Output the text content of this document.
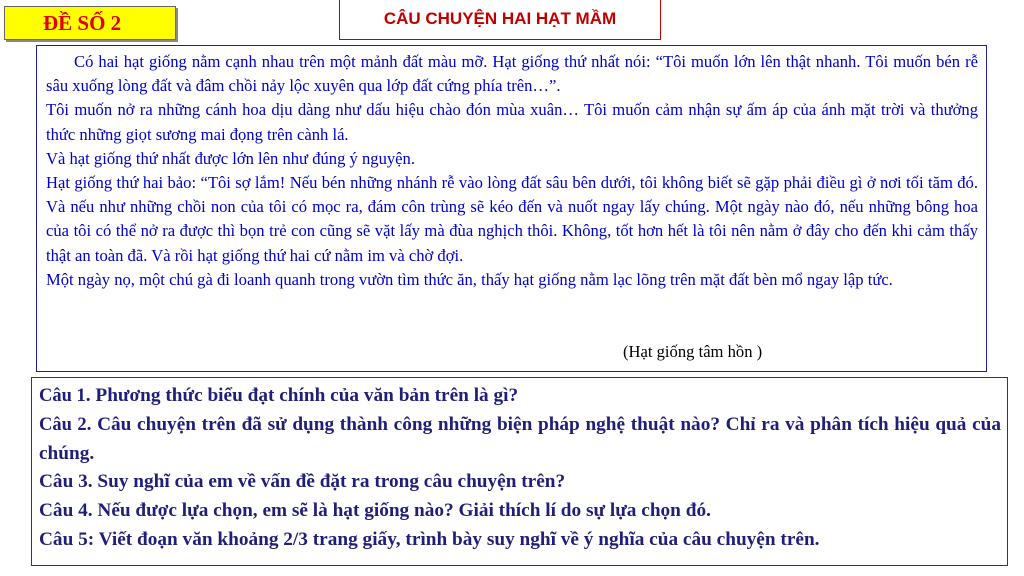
ĐỀ SỐ 2	CÂU CHUYỆN HAI HẠT MẦM

Có hai hạt giống nằm cạnh nhau trên một mảnh đất màu mỡ. Hạt giống thứ nhất nói: “Tôi muốn lớn lên thật nhanh. Tôi muốn bén rễ sâu xuống lòng đất và đâm chồi nảy lộc xuyên qua lớp đất cứng phía trên…”.

Tôi muốn nở ra những cánh hoa dịu dàng như dấu hiệu chào đón mùa xuân… Tôi muốn cảm nhận sự ấm áp của ánh mặt trời và thưởng thức những giọt sương mai đọng trên cành lá.

Và hạt giống thứ nhất được lớn lên như đúng ý nguyện.

Hạt giống thứ hai bảo: “Tôi sợ lắm! Nếu bén những nhánh rễ vào lòng đất sâu bên dưới, tôi không biết sẽ gặp phải điều gì ở nơi tối tăm đó. Và nếu như những chồi non của tôi có mọc ra, đám côn trùng sẽ kéo đến và nuốt ngay lấy chúng. Một ngày nào đó, nếu những bông hoa của tôi có thể nở ra được thì bọn trẻ con cũng sẽ vặt lấy mà đùa nghịch thôi. Không, tốt hơn hết là tôi nên nằm ở đây cho đến khi cảm thấy thật an toàn đã. Và rồi hạt giống thứ hai cứ nằm im và chờ đợi.

Một ngày nọ, một chú gà đi loanh quanh trong vườn tìm thức ăn, thấy hạt giống nằm lạc lõng trên mặt đất bèn mổ ngay lập tức.

(Hạt giống tâm hồn )

Câu 1. Phương thức biểu đạt chính của văn bản trên là gì?

Câu 2. Câu chuyện trên đã sử dụng thành công những biện pháp nghệ thuật nào? Chỉ ra và phân tích hiệu quả của chúng.

Câu 3. Suy nghĩ của em về vấn đề đặt ra trong câu chuyện trên?

Câu 4. Nếu được lựa chọn, em sẽ là hạt giống nào? Giải thích lí do sự lựa chọn đó.

Câu 5: Viết đoạn văn khoảng 2/3 trang giấy, trình bày suy nghĩ về ý nghĩa của câu chuyện trên.
